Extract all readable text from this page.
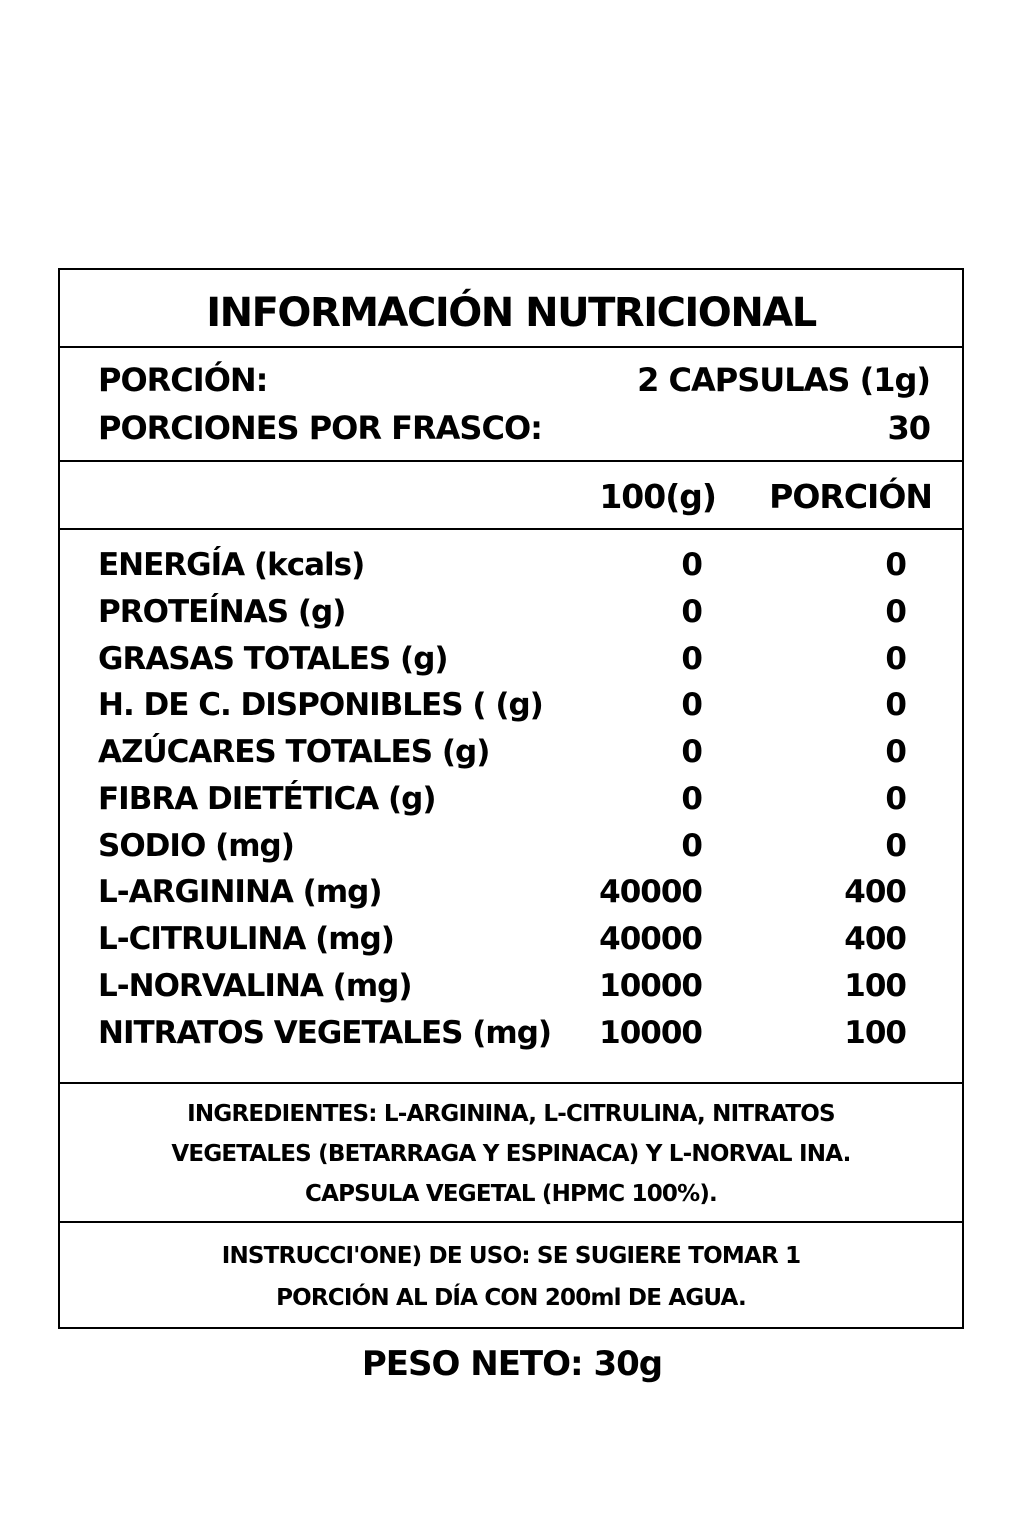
INFORMACIÓN NUTRICIONAL
PORCIÓN:	2 CAPSULAS (1g)
PORCIONES POR FRASCO:	30
100(g) PORCIÓN
ENERGÍA (kcals)	0	0
PROTEÍNAS (g)	0	0
GRASAS TOTALES (g)	0	0
H. DE C. DISPONIBLES ( (g)	0	0
AZÚCARES TOTALES (g)	0	0
FIBRA DIETÉTICA (g)	0	0
SODIO (mg)	0	0
L-ARGININA (mg)	40000	400
L-CITRULINA (mg)	40000	400
L-NORVALINA (mg)	10000	100
NITRATOS VEGETALES (mg) 10000	100
INGREDIENTES: L-ARGININA, L-CITRULINA, NITRATOS
VEGETALES (BETARRAGA Y ESPINACA) Y L-NORVAL INA.
CAPSULA VEGETAL (HPMC 100%).
INSTRUCCI'ONE) DE USO: SE SUGIERE TOMAR 1
PORCIÓN AL DÍA CON 200ml DE AGUA.
PESO NETO: 30g
